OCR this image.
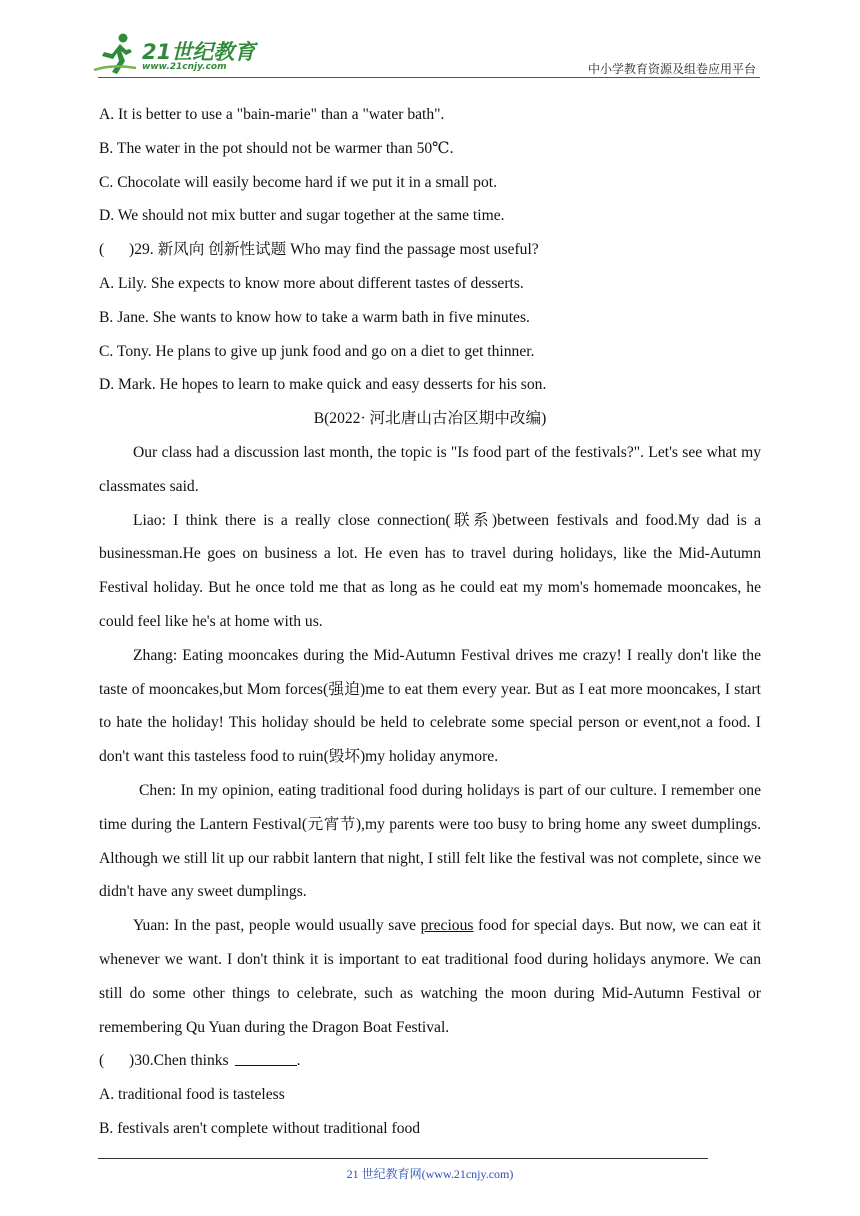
21世纪教育
www.21cnjy.com	中小学教育资源及组卷应用平台
A. It is better to use a "bain-marie" than a "water bath".
B. The water in the pot should not be warmer than 50℃.
C. Chocolate will easily become hard if we put it in a small pot.
D. We should not mix butter and sugar together at the same time.
( )29. 新风向 创新性试题 Who may find the passage most useful?
A. Lily. She expects to know more about different tastes of desserts.
B. Jane. She wants to know how to take a warm bath in five minutes.
C. Tony. He plans to give up junk food and go on a diet to get thinner.
D. Mark. He hopes to learn to make quick and easy desserts for his son.
B(2022· 河北唐山古冶区期中改编)
Our class had a discussion last month, the topic is "Is food part of the festivals?". Let's see what my classmates said.
Liao: I think there is a really close connection(联系)between festivals and food.My dad is a businessman.He goes on business a lot. He even has to travel during holidays, like the Mid-Autumn Festival holiday. But he once told me that as long as he could eat my mom's homemade mooncakes, he could feel like he's at home with us.
Zhang: Eating mooncakes during the Mid-Autumn Festival drives me crazy! I really don't like the taste of mooncakes,but Mom forces(强迫)me to eat them every year. But as I eat more mooncakes, I start to hate the holiday! This holiday should be held to celebrate some special person or event,not a food. I don't want this tasteless food to ruin(毁坏)my holiday anymore.
Chen: In my opinion, eating traditional food during holidays is part of our culture. I remember one time during the Lantern Festival(元宵节),my parents were too busy to bring home any sweet dumplings. Although we still lit up our rabbit lantern that night, I still felt like the festival was not complete, since we didn't have any sweet dumplings.
Yuan: In the past, people would usually save precious food for special days. But now, we can eat it whenever we want. I don't think it is important to eat traditional food during holidays anymore. We can still do some other things to celebrate, such as watching the moon during Mid-Autumn Festival or remembering Qu Yuan during the Dragon Boat Festival.
( )30.Chen thinks	.
A. traditional food is tasteless
B. festivals aren't complete without traditional food
21 世纪教育网(www.21cnjy.com)
